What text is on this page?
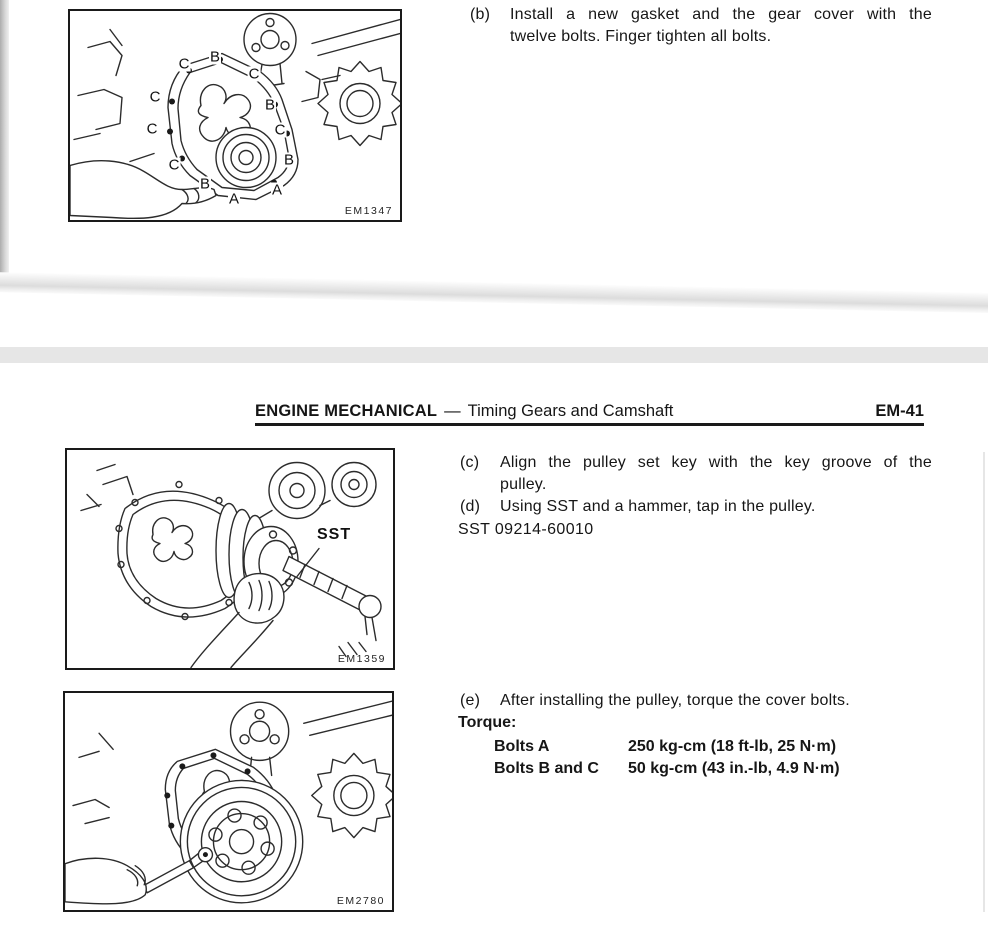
C B
C
C	B
C	C
C	B
B
A
A
EM1347
(b)	Install a new gasket and the gear cover with the
twelve bolts. Finger tighten all bolts.
ENGINE MECHANICAL — Timing Gears and Camshaft	EM-41
SST
EM1359
(c)	Align the pulley set key with the key groove of the
pulley.
(d)	Using SST and a hammer, tap in the pulley.
SST 09214-60010
EM2780
(e)	After installing the pulley, torque the cover bolts.
Torque:
Bolts A	250 kg-cm (18 ft-lb, 25 N·m)
Bolts B and C	50 kg-cm (43 in.-lb, 4.9 N·m)
